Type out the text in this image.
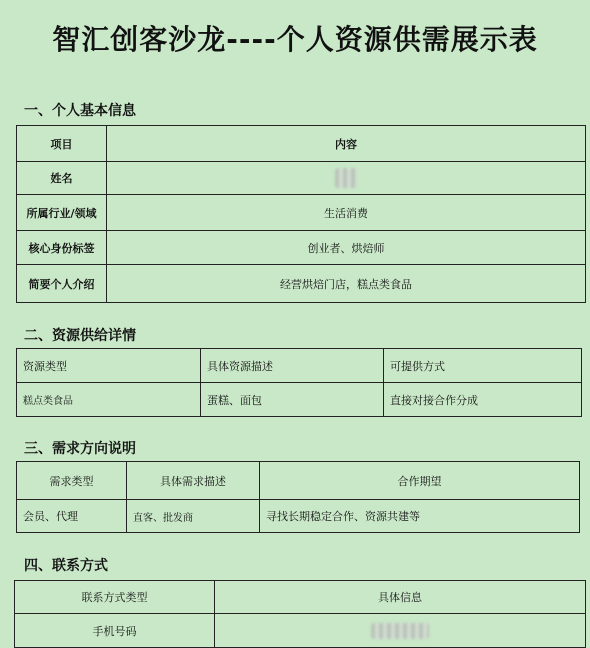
智汇创客沙龙----个人资源供需展示表
一、个人基本信息
项目	内容
姓名	
所属行业/领域	生活消费
核心身份标签	创业者、烘焙师
简要个人介绍	经营烘焙门店，糕点类食品
二、资源供给详情
资源类型	具体资源描述	可提供方式
糕点类食品	蛋糕、面包	直接对接合作分成
三、需求方向说明
需求类型	具体需求描述	合作期望
会员、代理	直客、批发商	寻找长期稳定合作、资源共建等
四、联系方式
联系方式类型	具体信息
手机号码	
